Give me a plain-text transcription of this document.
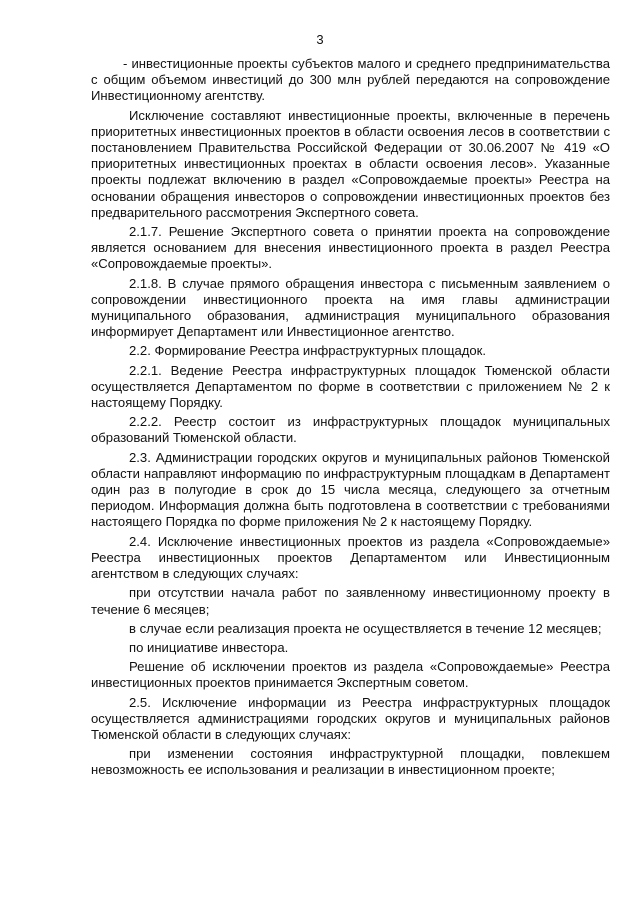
3

- инвестиционные проекты субъектов малого и среднего предпринимательства с общим объемом инвестиций до 300 млн рублей передаются на сопровождение Инвестиционному агентству.

Исключение составляют инвестиционные проекты, включенные в перечень приоритетных инвестиционных проектов в области освоения лесов в соответствии с постановлением Правительства Российской Федерации от 30.06.2007 № 419 «О приоритетных инвестиционных проектах в области освоения лесов». Указанные проекты подлежат включению в раздел «Сопровождаемые проекты» Реестра на основании обращения инвесторов о сопровождении инвестиционных проектов без предварительного рассмотрения Экспертного совета.

2.1.7. Решение Экспертного совета о принятии проекта на сопровождение является основанием для внесения инвестиционного проекта в раздел Реестра «Сопровождаемые проекты».

2.1.8. В случае прямого обращения инвестора с письменным заявлением о сопровождении инвестиционного проекта на имя главы администрации муниципального образования, администрация муниципального образования информирует Департамент или Инвестиционное агентство.

2.2. Формирование Реестра инфраструктурных площадок.

2.2.1. Ведение Реестра инфраструктурных площадок Тюменской области осуществляется Департаментом по форме в соответствии с приложением № 2 к настоящему Порядку.

2.2.2. Реестр состоит из инфраструктурных площадок муниципальных образований Тюменской области.

2.3. Администрации городских округов и муниципальных районов Тюменской области направляют информацию по инфраструктурным площадкам в Департамент один раз в полугодие в срок до 15 числа месяца, следующего за отчетным периодом. Информация должна быть подготовлена в соответствии с требованиями настоящего Порядка по форме приложения № 2 к настоящему Порядку.

2.4. Исключение инвестиционных проектов из раздела «Сопровождаемые» Реестра инвестиционных проектов Департаментом или Инвестиционным агентством в следующих случаях:

при отсутствии начала работ по заявленному инвестиционному проекту в течение 6 месяцев;

в случае если реализация проекта не осуществляется в течение 12 месяцев;

по инициативе инвестора.

Решение об исключении проектов из раздела «Сопровождаемые» Реестра инвестиционных проектов принимается Экспертным советом.

2.5. Исключение информации из Реестра инфраструктурных площадок осуществляется администрациями городских округов и муниципальных районов Тюменской области в следующих случаях:

при изменении состояния инфраструктурной площадки, повлекшем невозможность ее использования и реализации в инвестиционном проекте;
